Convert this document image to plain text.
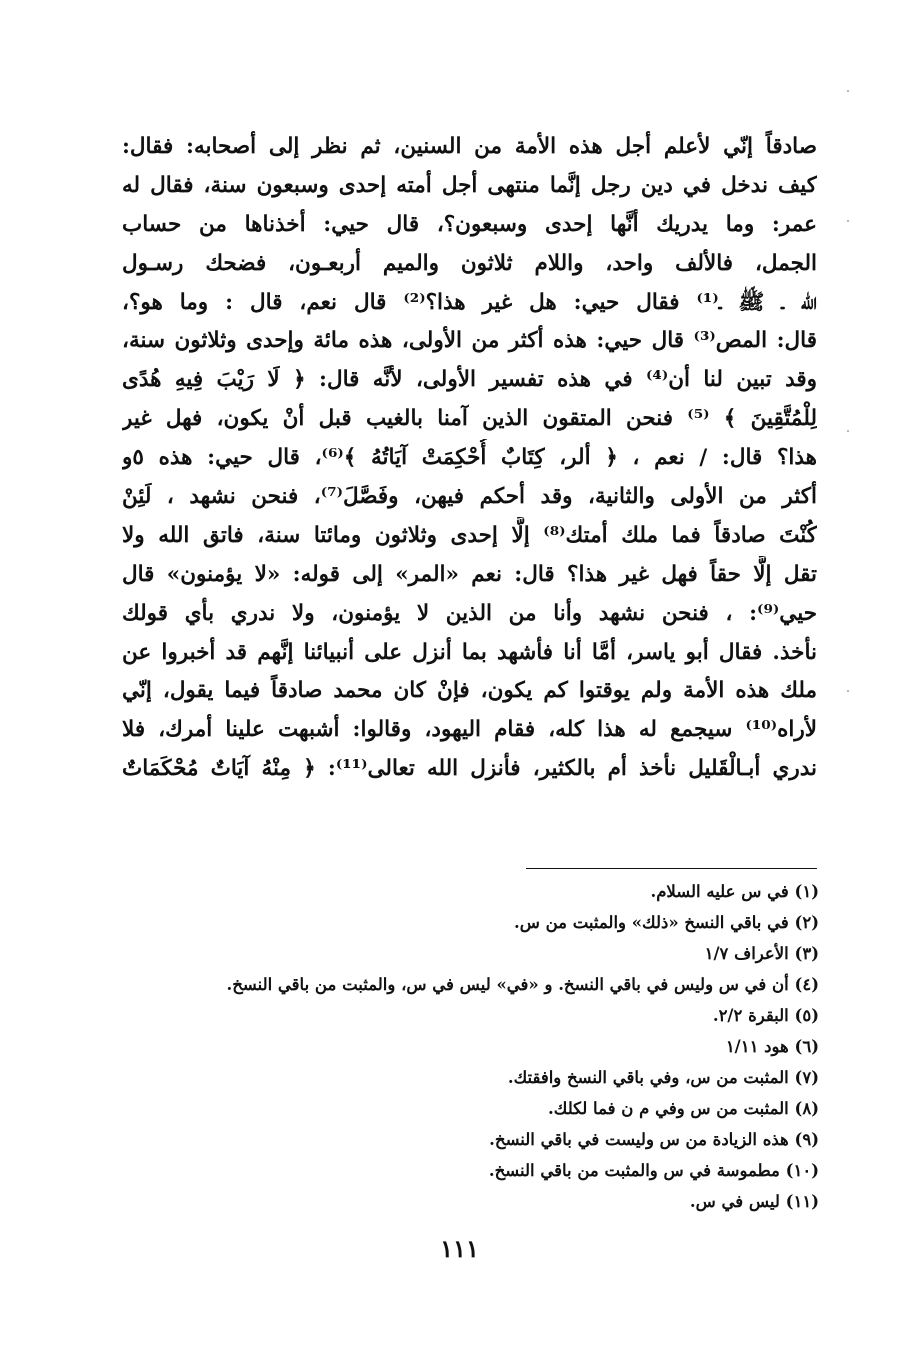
صادقاً إنّي لأعلم أجل هذه الأمة من السنين، ثم نظر إلى أصحابه: فقال:
كيف ندخل في دين رجل إنَّما منتهى أجل أمته إحدى وسبعون سنة، فقال له
عمر: وما يدريك أنَّها إحدى وسبعون؟، قال حيي: أخذناها من حساب
الجمل، فالألف واحد، واللام ثلاثون والميم أربعـون، فضحك رسـول
الله ـ ﷺ ـ⁽¹⁾ فقال حيي: هل غير هذا؟⁽²⁾ قال نعم، قال : وما هو؟،
قال: المص⁽³⁾ قال حيي: هذه أكثر من الأولى، هذه مائة وإحدى وثلاثون سنة،
وقد تبين لنا أن⁽⁴⁾ في هذه تفسير الأولى، لأنَّه قال: ﴿ لَا رَيْبَ فِيهِ هُدًى
لِلْمُتَّقِينَ ﴾ ⁽⁵⁾ فنحن المتقون الذين آمنا بالغيب قبل أنْ يكون، فهل غير
هذا؟ قال: / نعم ، ﴿ ألر، كِتَابٌ أُحْكِمَتْ آيَاتُهُ ﴾⁽⁶⁾، قال حيي: هذه ٥و
أكثر من الأولى والثانية، وقد أحكم فيهن، وفَصَّلَ⁽⁷⁾، فنحن نشهد ، لَئِنْ
كُنْتَ صادقاً فما ملك أمتك⁽⁸⁾ إلَّا إحدى وثلاثون ومائتا سنة، فاتق الله ولا
تقل إلَّا حقاً فهل غير هذا؟ قال: نعم «المر» إلى قوله: «لا يؤمنون» قال
حيي⁽⁹⁾: ، فنحن نشهد وأنا من الذين لا يؤمنون، ولا ندري بأي قولك
نأخذ. فقال أبو ياسر، أمَّا أنا فأشهد بما أنزل على أنبيائنا إنَّهم قد أخبروا عن
ملك هذه الأمة ولم يوقتوا كم يكون، فإنْ كان محمد صادقاً فيما يقول، إنّي
لأراه⁽¹⁰⁾ سيجمع له هذا كله، فقام اليهود، وقالوا: أشبهت علينا أمرك، فلا
ندري أبـالْقَليل نأخذ أم بالكثير، فأنزل الله تعالى⁽¹¹⁾: ﴿ مِنْهُ آيَاتٌ مُحْكَمَاتٌ
(١) في س عليه السلام.
(٢) في باقي النسخ «ذلك» والمثبت من س.
(٣) الأعراف ١/٧
(٤) أن في س وليس في باقي النسخ. و «في» ليس في س، والمثبت من باقي النسخ.
(٥) البقرة ٢/٢.
(٦) هود ١/١١
(٧) المثبت من س، وفي باقي النسخ وافقتك.
(٨) المثبت من س وفي م ن فما لكلك.
(٩) هذه الزيادة من س وليست في باقي النسخ.
(١٠) مطموسة في س والمثبت من باقي النسخ.
(١١) ليس في س.
١١١
